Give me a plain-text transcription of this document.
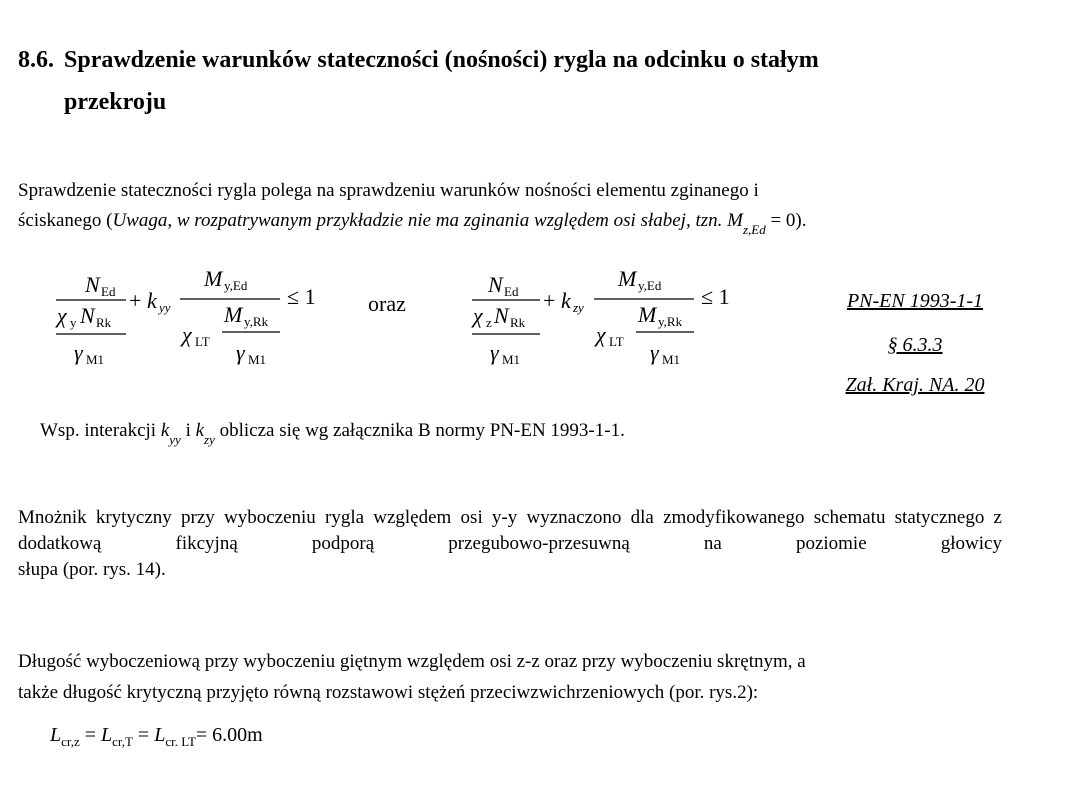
8.6. Sprawdzenie warunków stateczności (nośności) rygla na odcinku o stałym
przekroju
Sprawdzenie stateczności rygla polega na sprawdzeniu warunków nośności elementu zginanego i
ściskanego (Uwaga, w rozpatrywanym przykładzie nie ma zginania względem osi słabej, tzn. $M_{z,Ed} = 0$).
N Ed
χ y N Rk
γ M1
+ k yy
M y,Ed
χ LT
M y,Rk
γ M1
≤ 1 oraz
N Ed
χ z N Rk
γ M1
+ k zy
M y,Ed
χ LT
M y,Rk
γ M1
≤ 1	PN-EN 1993-1-1
§ 6.3.3
Zał. Kraj. NA. 20
Wsp. interakcji $k_{yy}$ i $k_{zy}$ oblicza się wg załącznika B normy PN-EN 1993-1-1.
Mnożnik krytyczny przy wyboczeniu rygla względem osi y-y wyznaczono dla zmodyfikowanego schematu statycznego z dodatkową fikcyjną podporą przegubowo-przesuwną na poziomie głowicy
słupa (por. rys. 14).
Długość wyboczeniową przy wyboczeniu giętnym względem osi z-z oraz przy wyboczeniu skrętnym, a
także długość krytyczną przyjęto równą rozstawowi stężeń przeciwzwichrzeniowych (por. rys.2):
$L_{cr,z} = L_{cr,T} = L_{cr. LT}= 6.00m$
